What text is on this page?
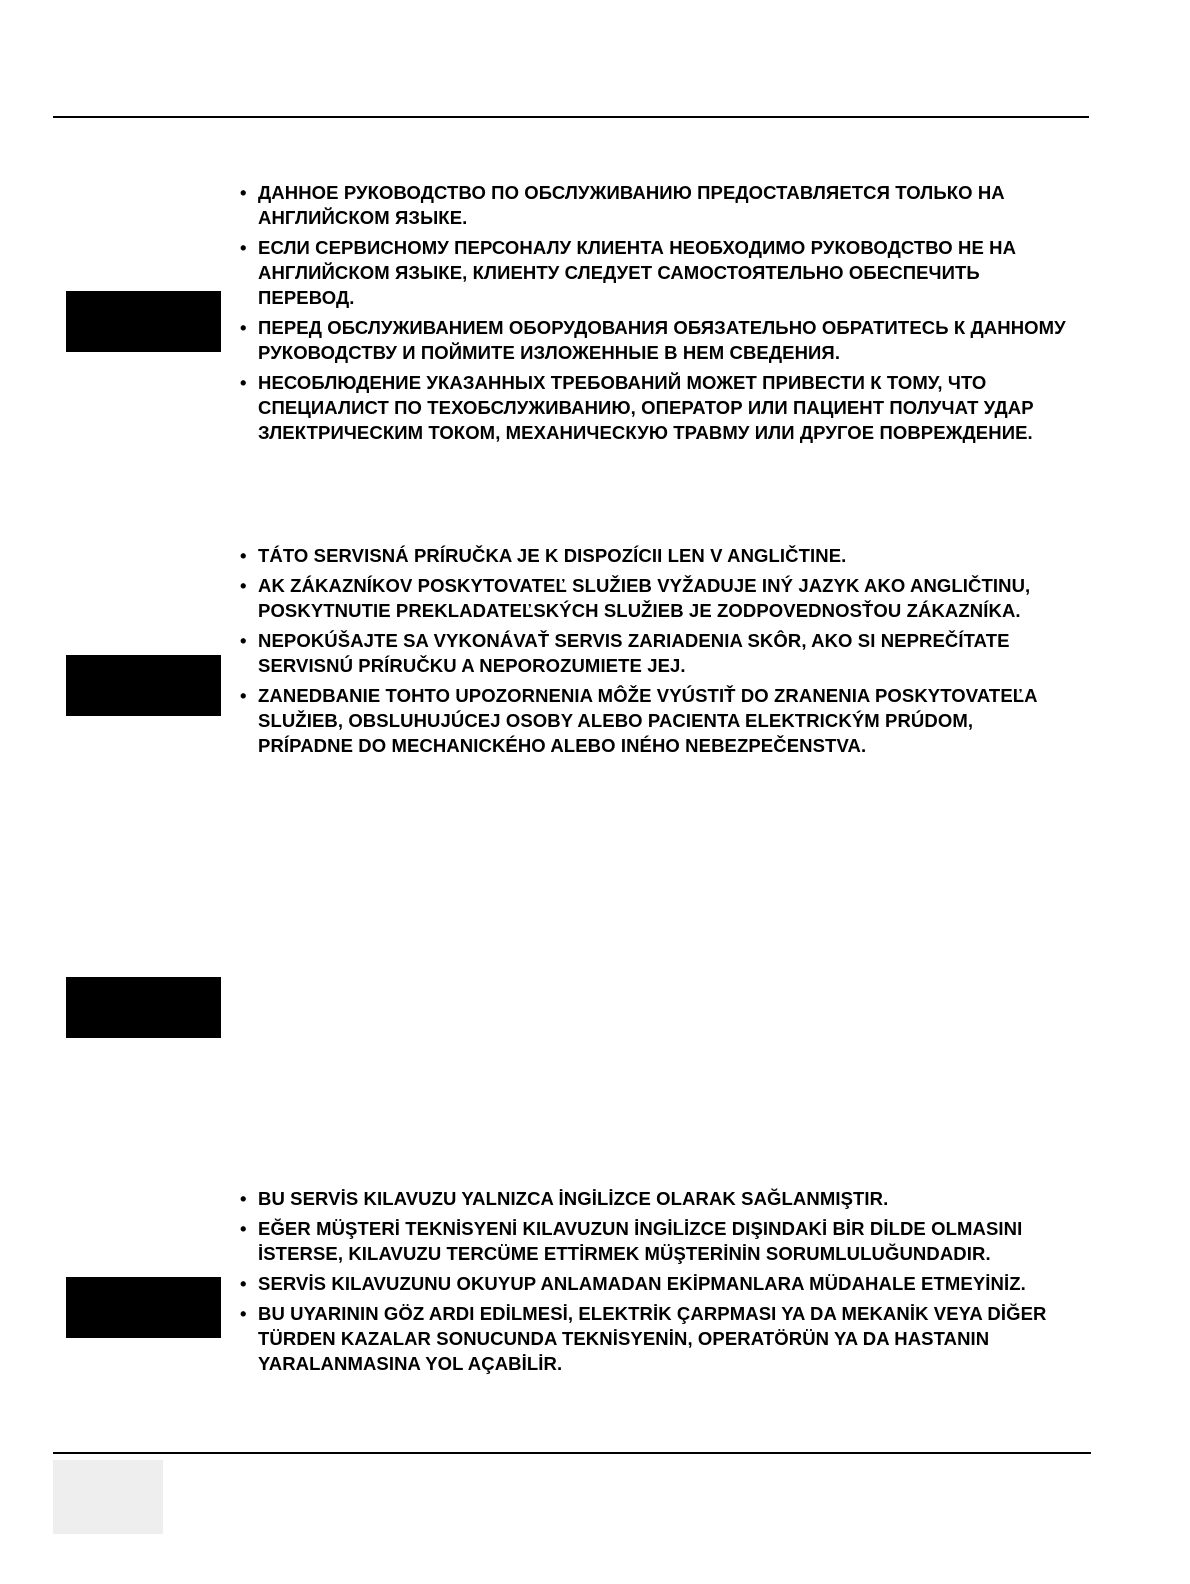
• ДАННОЕ РУКОВОДСТВО ПО ОБСЛУЖИВАНИЮ ПРЕДОСТАВЛЯЕТСЯ ТОЛЬКО НА АНГЛИЙСКОМ ЯЗЫКЕ.
• ЕСЛИ СЕРВИСНОМУ ПЕРСОНАЛУ КЛИЕНТА НЕОБХОДИМО РУКОВОДСТВО НЕ НА АНГЛИЙСКОМ ЯЗЫКЕ, КЛИЕНТУ СЛЕДУЕТ САМОСТОЯТЕЛЬНО ОБЕСПЕЧИТЬ ПЕРЕВОД.
• ПЕРЕД ОБСЛУЖИВАНИЕМ ОБОРУДОВАНИЯ ОБЯЗАТЕЛЬНО ОБРАТИТЕСЬ К ДАННОМУ РУКОВОДСТВУ И ПОЙМИТЕ ИЗЛОЖЕННЫЕ В НЕМ СВЕДЕНИЯ.
• НЕСОБЛЮДЕНИЕ УКАЗАННЫХ ТРЕБОВАНИЙ МОЖЕТ ПРИВЕСТИ К ТОМУ, ЧТО СПЕЦИАЛИСТ ПО ТЕХОБСЛУЖИВАНИЮ, ОПЕРАТОР ИЛИ ПАЦИЕНТ ПОЛУЧАТ УДАР ЗЛЕКТРИЧЕСКИМ ТОКОМ, МЕХАНИЧЕСКУЮ ТРАВМУ ИЛИ ДРУГОЕ ПОВРЕЖДЕНИЕ.
• TÁTO SERVISNÁ PRÍRUČKA JE K DISPOZÍCII LEN V ANGLIČTINE.
• AK ZÁKAZNÍKOV POSKYTOVATEĽ SLUŽIEB VYŽADUJE INÝ JAZYK AKO ANGLIČTINU, POSKYTNUTIE PREKLADATEĽSKÝCH SLUŽIEB JE ZODPOVEDNOSŤOU ZÁKAZNÍKA.
• NEPOKÚŠAJTE SA VYKONÁVAŤ SERVIS ZARIADENIA SKÔR, AKO SI NEPREČÍTATE SERVISNÚ PRÍRUČKU A NEPOROZUMIETE JEJ.
• ZANEDBANIE TOHTO UPOZORNENIA MÔŽE VYÚSTIŤ DO ZRANENIA POSKYTOVATEĽA SLUŽIEB, OBSLUHUJÚCEJ OSOBY ALEBO PACIENTA ELEKTRICKÝM PRÚDOM, PRÍPADNE DO MECHANICKÉHO ALEBO INÉHO NEBEZPEČENSTVA.
• BU SERVİS KILAVUZU YALNIZCA İNGİLİZCE OLARAK SAĞLANMIŞTIR.
• EĞER MÜŞTERİ TEKNİSYENİ KILAVUZUN İNGİLİZCE DIŞINDAKİ BİR DİLDE OLMASINI İSTERSE, KILAVUZU TERCÜME ETTİRMEK MÜŞTERİNİN SORUMLULUĞUNDADIR.
• SERVİS KILAVUZUNU OKUYUP ANLAMADAN EKİPMANLARA MÜDAHALE ETMEYİNİZ.
• BU UYARININ GÖZ ARDI EDİLMESİ, ELEKTRİK ÇARPMASI YA DA MEKANİK VEYA DİĞER TÜRDEN KAZALAR SONUCUNDA TEKNİSYENİN, OPERATÖRÜN YA DA HASTANIN YARALANMASINA YOL AÇABİLİR.
